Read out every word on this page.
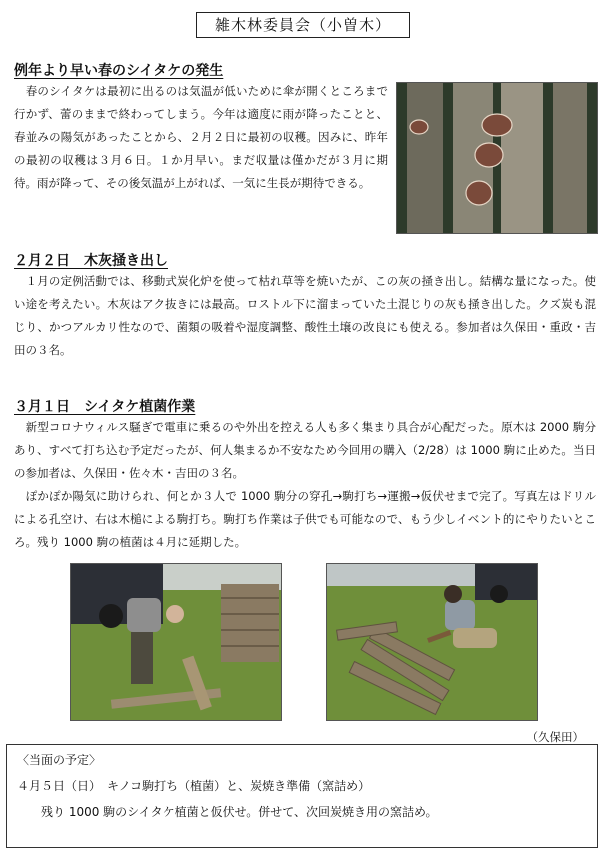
雑木林委員会（小曽木）
例年より早い春のシイタケの発生
　春のシイタケは最初に出るのは気温が低いために傘が開くところまで行かず、蕾のままで終わってしまう。今年は適度に雨が降ったことと、春並みの陽気があったことから、２月２日に最初の収穫。因みに、昨年の最初の収穫は３月６日。１か月早い。まだ収量は僅かだが３月に期待。雨が降って、その後気温が上がれば、一気に生長が期待できる。
２月２日　木灰掻き出し
　１月の定例活動では、移動式炭化炉を使って枯れ草等を焼いたが、この灰の掻き出し。結構な量になった。使い途を考えたい。木灰はアク抜きには最高。ロストル下に溜まっていた土混じりの灰も掻き出した。クズ炭も混じり、かつアルカリ性なので、菌類の吸着や湿度調整、酸性土壌の改良にも使える。参加者は久保田・重政・吉田の３名。
３月１日　シイタケ植菌作業
　新型コロナウィルス騒ぎで電車に乗るのや外出を控える人も多く集まり具合が心配だった。原木は 2000 駒分あり、すべて打ち込む予定だったが、何人集まるか不安なため今回用の購入（2/28）は 1000 駒に止めた。当日の参加者は、久保田・佐々木・吉田の３名。
　ぽかぽか陽気に助けられ、何とか３人で 1000 駒分の穿孔→駒打ち→運搬→仮伏せまで完了。写真左はドリルによる孔空け、右は木槌による駒打ち。駒打ち作業は子供でも可能なので、もう少しイベント的にやりたいところ。残り 1000 駒の植菌は４月に延期した。
（久保田）
〈当面の予定〉
４月５日（日）　キノコ駒打ち（植菌）と、炭焼き準備（窯詰め）
残り 1000 駒のシイタケ植菌と仮伏せ。併せて、次回炭焼き用の窯詰め。
